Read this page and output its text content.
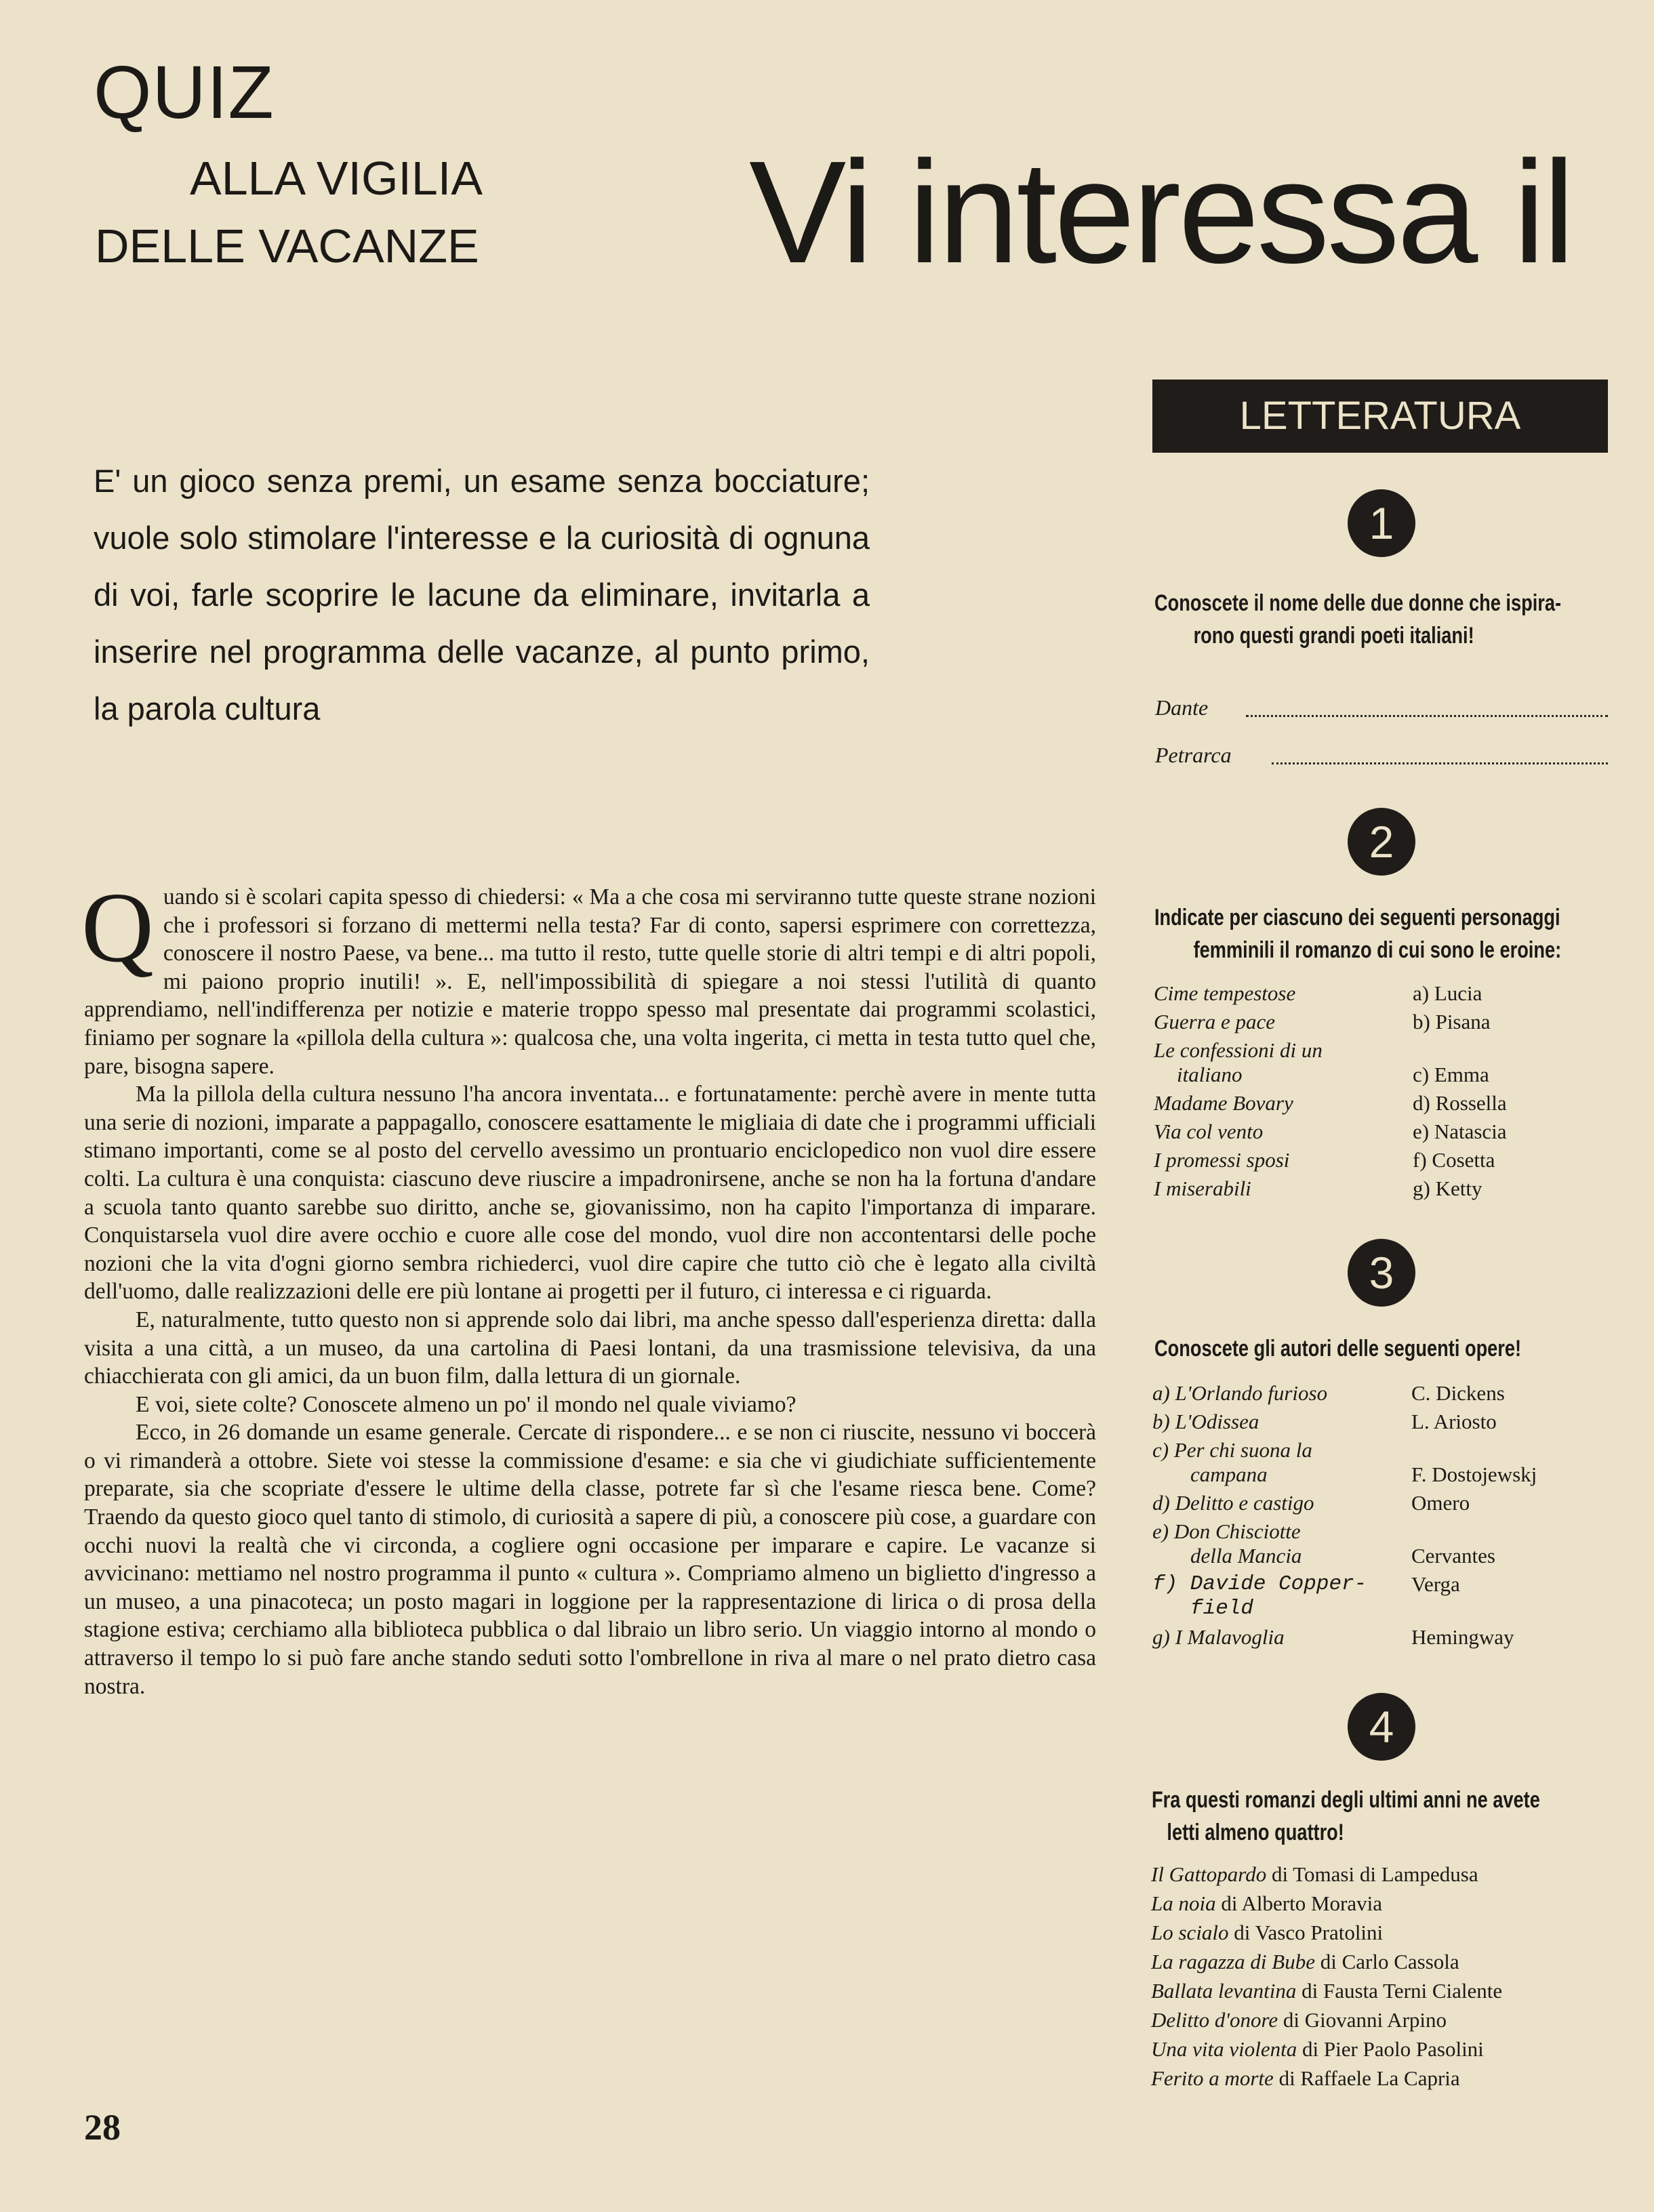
QUIZ
ALLA VIGILIA
DELLE VACANZE Vi interessa il
E' un gioco senza premi, un esame senza bocciature; vuole solo stimolare l'interesse e la curiosità di ognuna di voi, farle scoprire le lacune da eliminare, invitarla a inserire nel programma delle vacanze, al punto primo, la parola cultura
Q uando si è scolari capita spesso di chiedersi: « Ma a che cosa mi serviranno tutte queste strane nozioni che i professori si forzano di mettermi nella testa? Far di conto, sapersi esprimere con correttezza, conoscere il nostro Paese, va bene... ma tutto il resto, tutte quelle storie di altri tempi e di altri popoli, mi paiono proprio inutili! ». E, nell'impossibilità di spiegare a noi stessi l'utilità di quanto apprendiamo, nell'indifferenza per notizie e materie troppo spesso mal presentate dai programmi scolastici, finiamo per sognare la «pillola della cultura »: qualcosa che, una volta ingerita, ci metta in testa tutto quel che, pare, bisogna sapere.

Ma la pillola della cultura nessuno l'ha ancora inventata... e fortunatamente: perchè avere in mente tutta una serie di nozioni, imparate a pappagallo, conoscere esattamente le migliaia di date che i programmi ufficiali stimano importanti, come se al posto del cervello avessimo un prontuario enciclopedico non vuol dire essere colti. La cultura è una conquista: ciascuno deve riuscire a impadronirsene, anche se non ha la fortuna d'andare a scuola tanto quanto sarebbe suo diritto, anche se, giovanissimo, non ha capito l'importanza di imparare. Conquistarsela vuol dire avere occhio e cuore alle cose del mondo, vuol dire non accontentarsi delle poche nozioni che la vita d'ogni giorno sembra richiederci, vuol dire capire che tutto ciò che è legato alla civiltà dell'uomo, dalle realizzazioni delle ere più lontane ai progetti per il futuro, ci interessa e ci riguarda.

E, naturalmente, tutto questo non si apprende solo dai libri, ma anche spesso dall'esperienza diretta: dalla visita a una città, a un museo, da una cartolina di Paesi lontani, da una trasmissione televisiva, da una chiacchierata con gli amici, da un buon film, dalla lettura di un giornale.

E voi, siete colte? Conoscete almeno un po' il mondo nel quale viviamo?

Ecco, in 26 domande un esame generale. Cercate di rispondere... e se non ci riuscite, nessuno vi boccerà o vi rimanderà a ottobre. Siete voi stesse la commissione d'esame: e sia che vi giudichiate sufficientemente preparate, sia che scopriate d'essere le ultime della classe, potrete far sì che l'esame riesca bene. Come? Traendo da questo gioco quel tanto di stimolo, di curiosità a sapere di più, a conoscere più cose, a guardare con occhi nuovi la realtà che vi circonda, a cogliere ogni occasione per imparare e capire. Le vacanze si avvicinano: mettiamo nel nostro programma il punto « cultura ». Compriamo almeno un biglietto d'ingresso a un museo, a una pinacoteca; un posto magari in loggione per la rappresentazione di lirica o di prosa della stagione estiva; cerchiamo alla biblioteca pubblica o dal libraio un libro serio. Un viaggio intorno al mondo o attraverso il tempo lo si può fare anche stando seduti sotto l'ombrellone in riva al mare o nel prato dietro casa nostra.

28
LETTERATURA
1
Conoscete il nome delle due donne che ispira-
rono questi grandi poeti italiani!
Dante
Petrarca
2
Indicate per ciascuno dei seguenti personaggi
femminili il romanzo di cui sono le eroine:
Cime tempestose
Guerra e pace
Le confessioni di un
italiano
Madame Bovary
Via col vento
I promessi sposi
I miserabili
a) Lucia
b) Pisana
c) Emma
d) Rossella
e) Natascia
f) Cosetta
g) Ketty
3
Conoscete gli autori delle seguenti opere!
a) L'Orlando furioso
b) L'Odissea
c) Per chi suona la
campana
d) Delitto e castigo
e) Don Chisciotte
della Mancia
f) Davide Copper-
field
g) I Malavoglia
C. Dickens
L. Ariosto
F. Dostojewskj
Omero
Cervantes
Verga
Hemingway
4
Fra questi romanzi degli ultimi anni ne avete
letti almeno quattro!
Il Gattopardo di Tomasi di Lampedusa
La noia di Alberto Moravia
Lo scialo di Vasco Pratolini
La ragazza di Bube di Carlo Cassola
Ballata levantina di Fausta Terni Cialente
Delitto d'onore di Giovanni Arpino
Una vita violenta di Pier Paolo Pasolini
Ferito a morte di Raffaele La Capria
